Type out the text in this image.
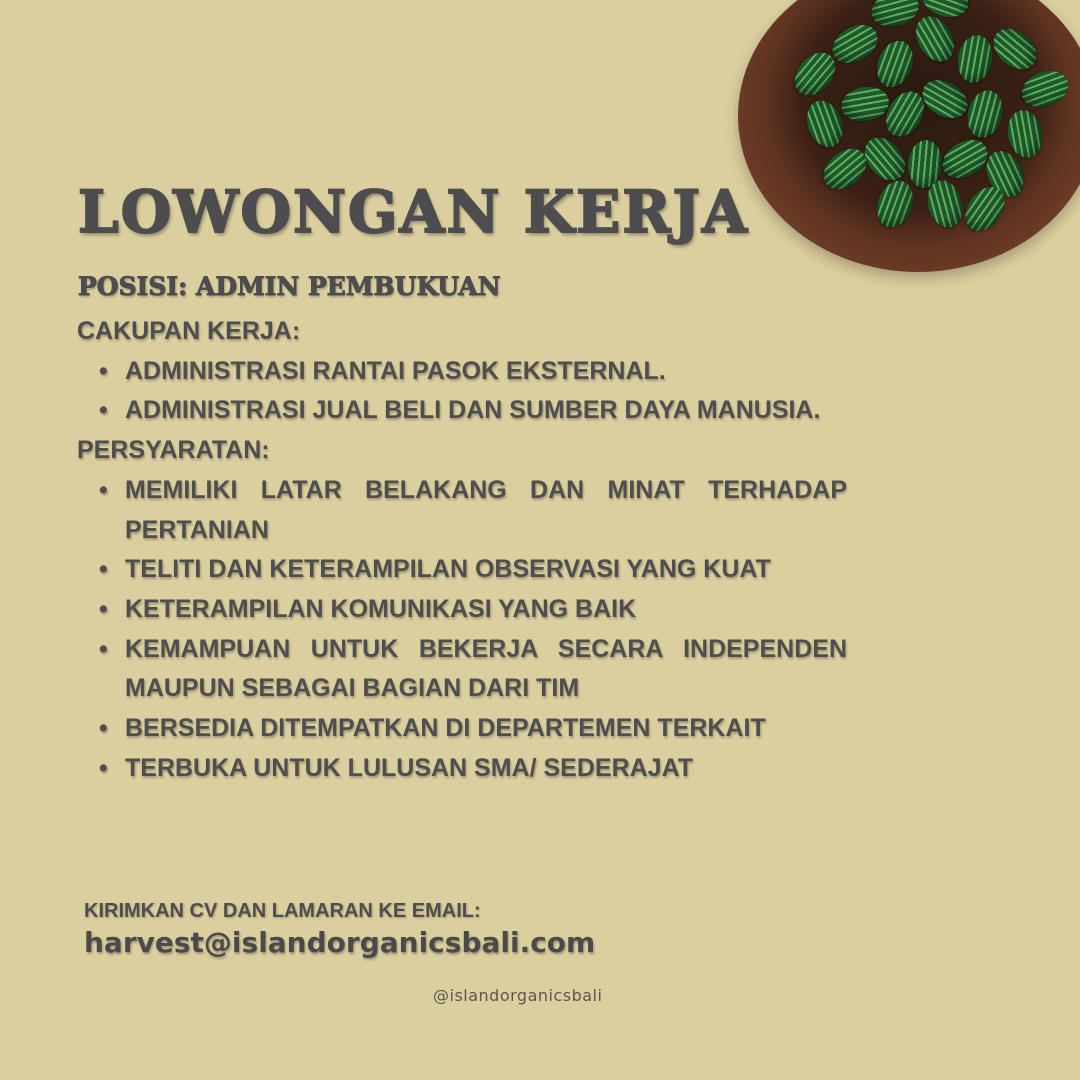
LOWONGAN KERJA
POSISI: ADMIN PEMBUKUAN

CAKUPAN KERJA:

• ADMINISTRASI RANTAI PASOK EKSTERNAL.
• ADMINISTRASI JUAL BELI DAN SUMBER DAYA MANUSIA.

PERSYARATAN:

• MEMILIKI LATAR BELAKANG DAN MINAT TERHADAP PERTANIAN
• TELITI DAN KETERAMPILAN OBSERVASI YANG KUAT
• KETERAMPILAN KOMUNIKASI YANG BAIK
• KEMAMPUAN UNTUK BEKERJA SECARA INDEPENDEN MAUPUN SEBAGAI BAGIAN DARI TIM
• BERSEDIA DITEMPATKAN DI DEPARTEMEN TERKAIT
• TERBUKA UNTUK LULUSAN SMA/ SEDERAJAT
KIRIMKAN CV DAN LAMARAN KE EMAIL:
harvest@islandorganicsbali.com
@islandorganicsbali
